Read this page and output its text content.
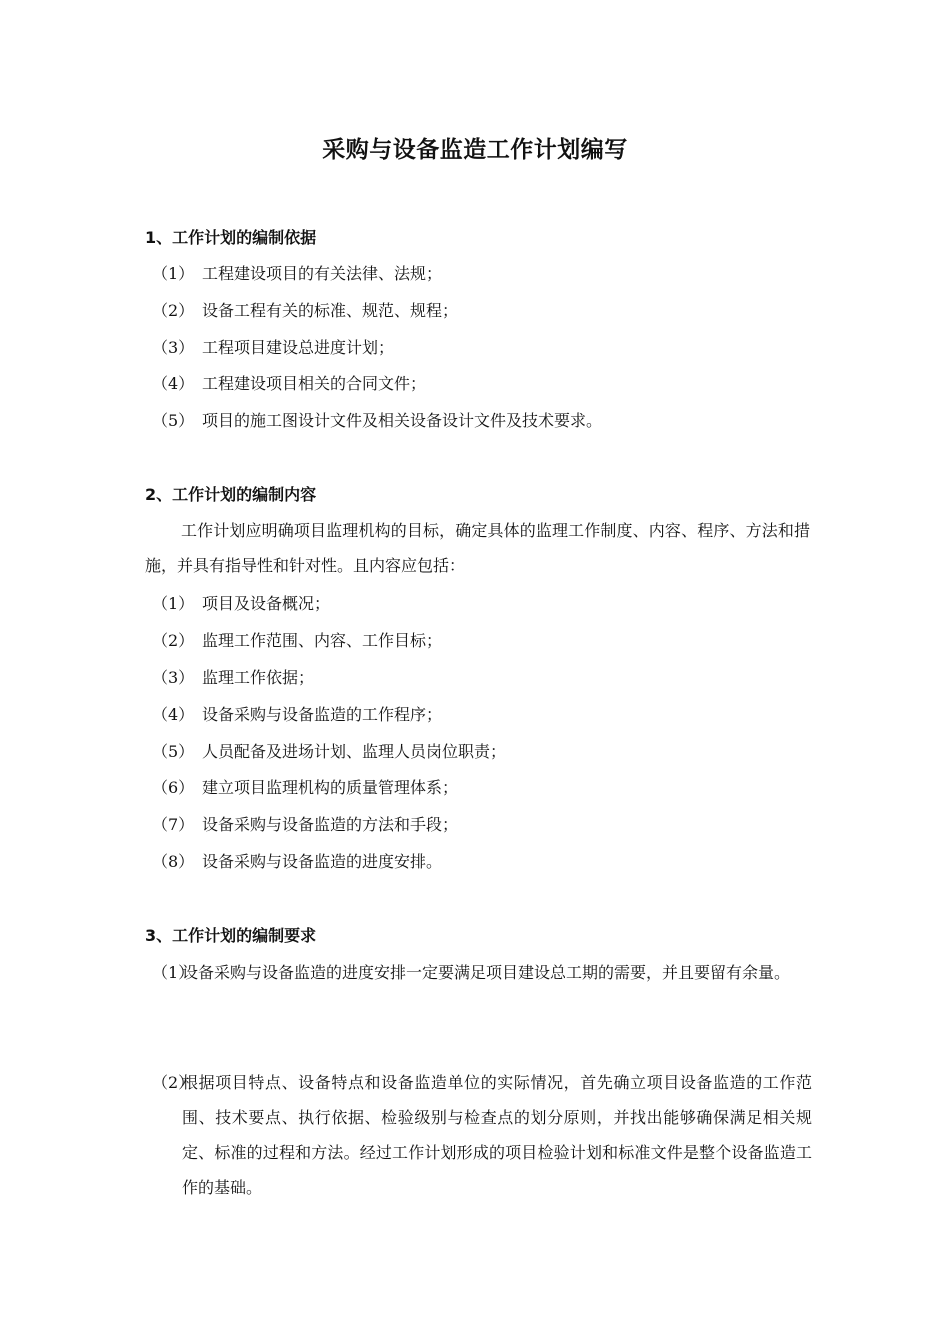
采购与设备监造工作计划编写
1、工作计划的编制依据
（1） 工程建设项目的有关法律、法规；
（2） 设备工程有关的标准、规范、规程；
（3） 工程项目建设总进度计划；
（4） 工程建设项目相关的合同文件；
（5） 项目的施工图设计文件及相关设备设计文件及技术要求。
2、工作计划的编制内容
工作计划应明确项目监理机构的目标，确定具体的监理工作制度、内容、程序、方法和措施，并具有指导性和针对性。且内容应包括：
（1） 项目及设备概况；
（2） 监理工作范围、内容、工作目标；
（3） 监理工作依据；
（4） 设备采购与设备监造的工作程序；
（5） 人员配备及进场计划、监理人员岗位职责；
（6） 建立项目监理机构的质量管理体系；
（7） 设备采购与设备监造的方法和手段；
（8） 设备采购与设备监造的进度安排。
3、工作计划的编制要求
（1）
设备采购与设备监造的进度安排一定要满足项目建设总工期的需要，并且要留有余量。
（2）
根据项目特点、设备特点和设备监造单位的实际情况，首先确立项目设备监造的工作范围、技术要点、执行依据、检验级别与检查点的划分原则，并找出能够确保满足相关规定、标准的过程和方法。经过工作计划形成的项目检验计划和标准文件是整个设备监造工作的基础。
